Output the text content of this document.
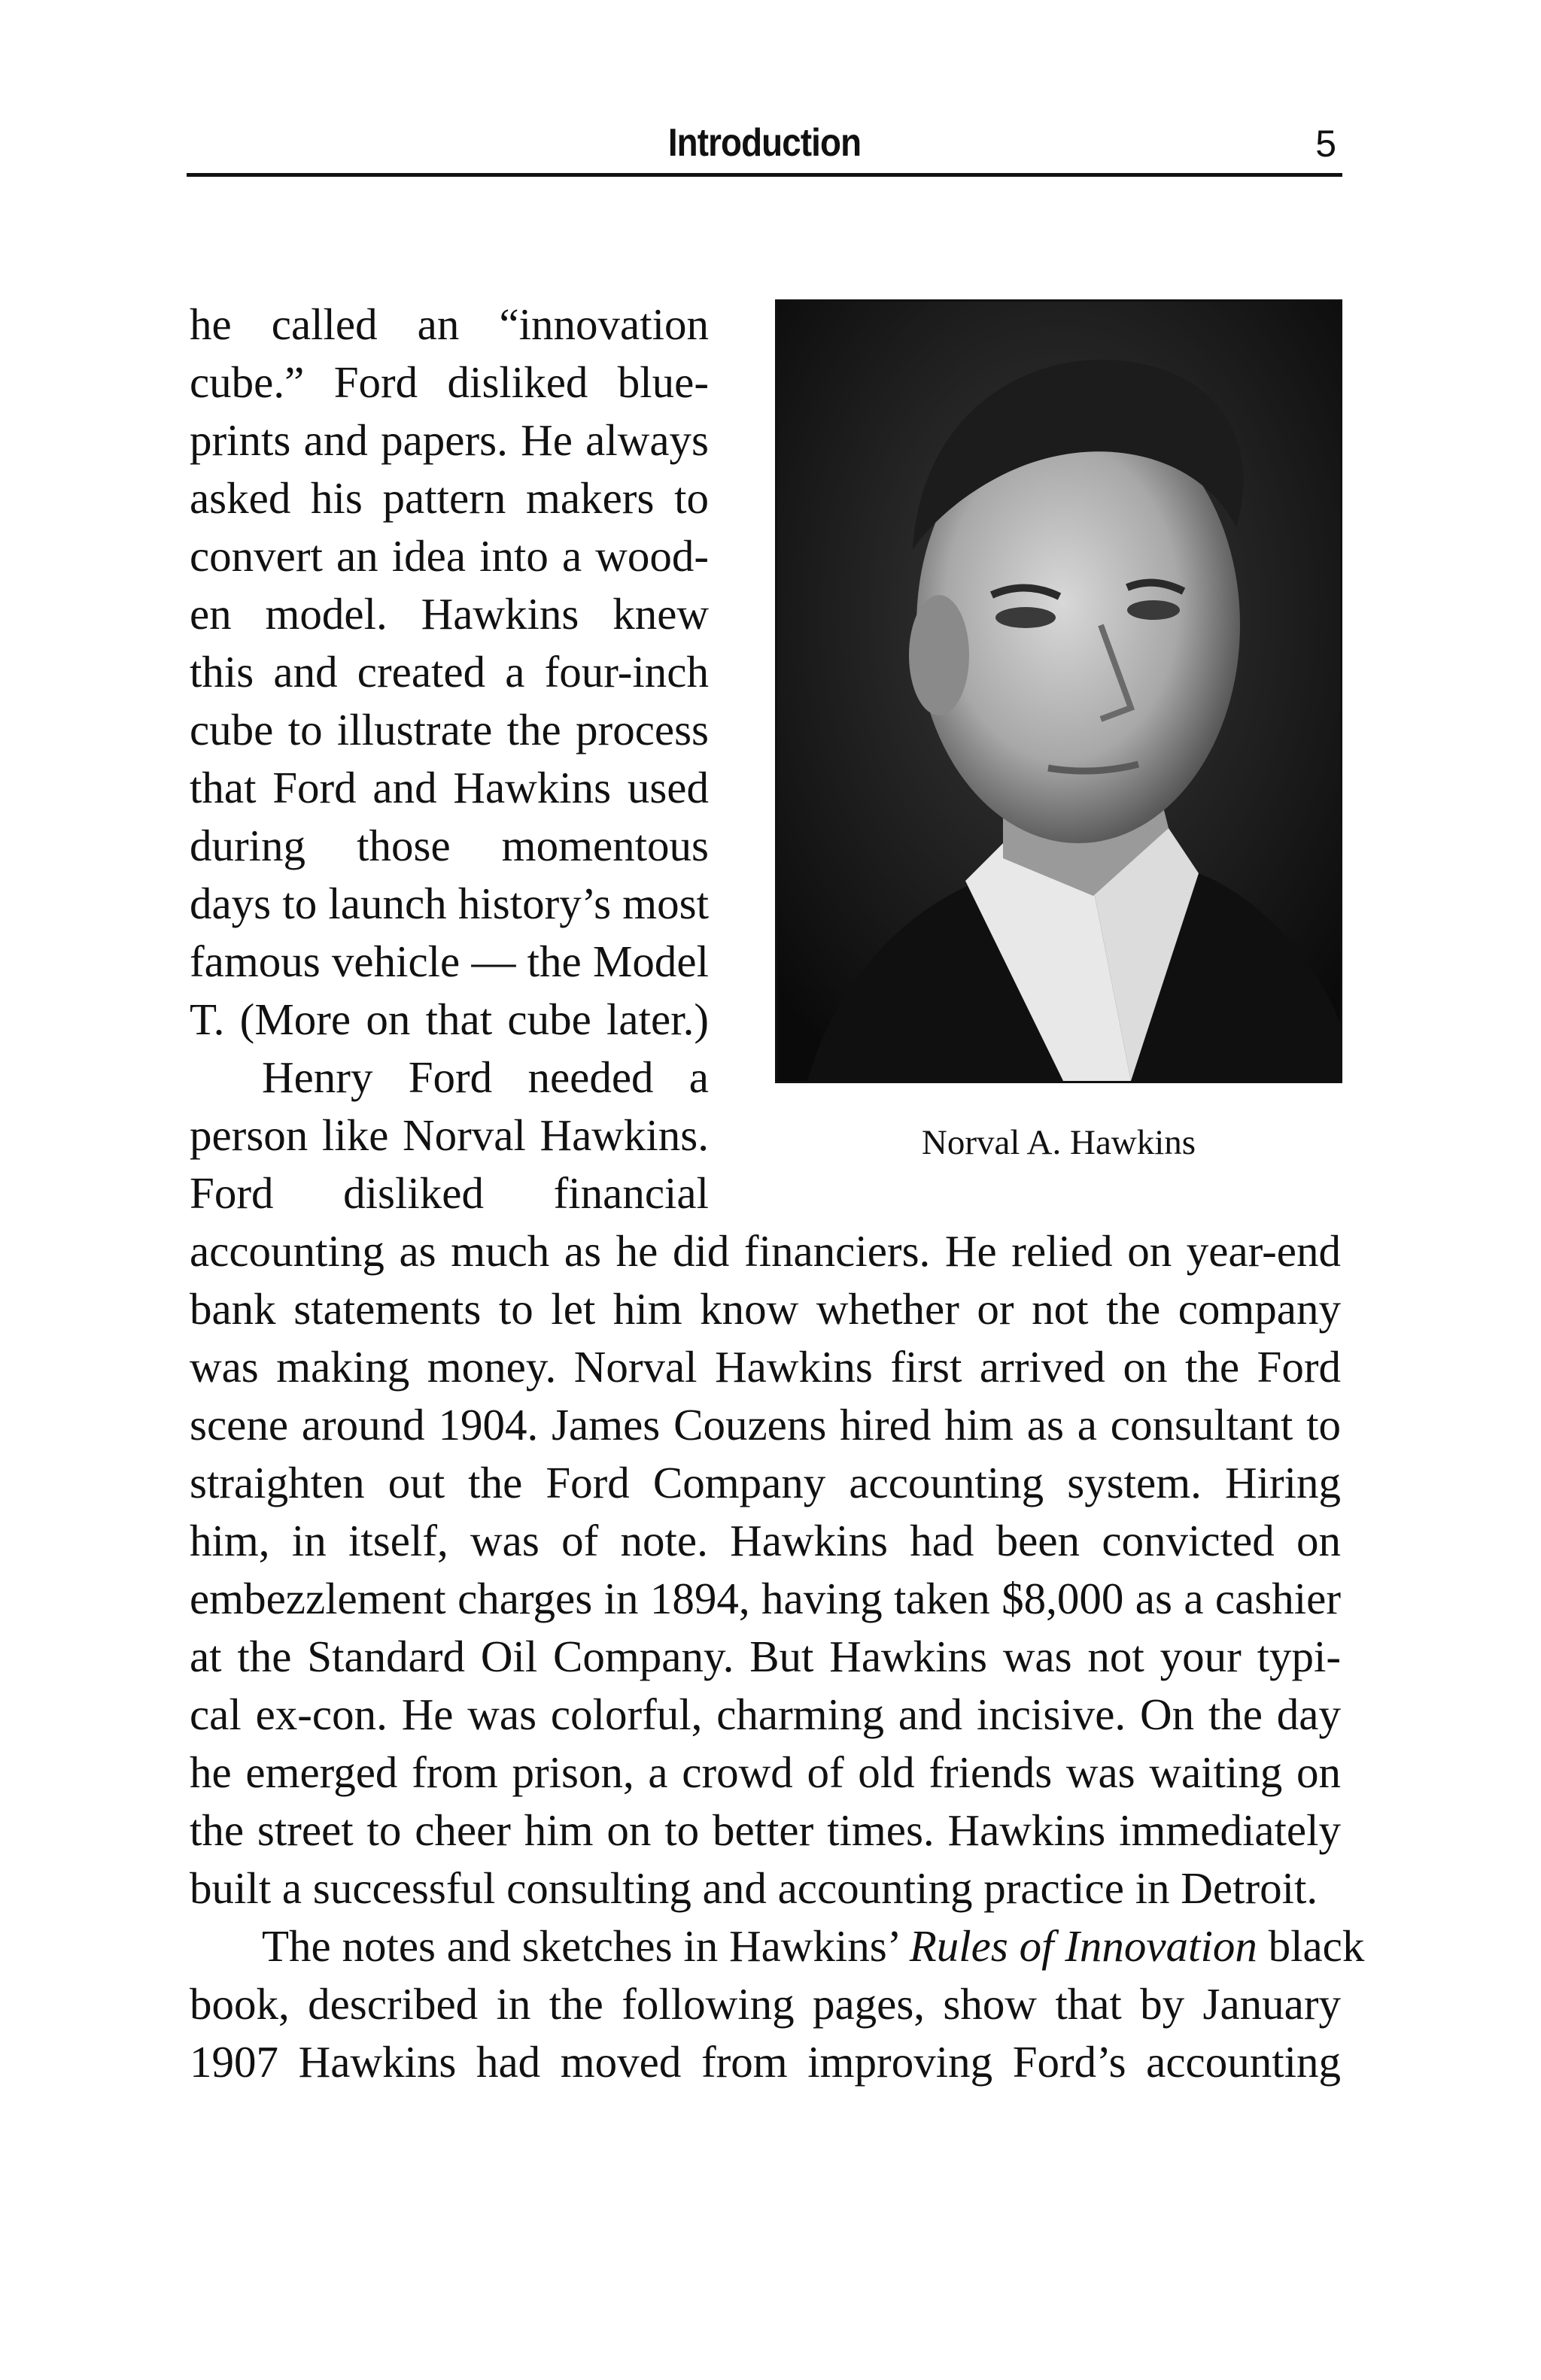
Introduction	5
he called an “innovation
cube.” Ford disliked blue-
prints and papers. He always
asked his pattern makers to
convert an idea into a wood-
en model. Hawkins knew
this and created a four-inch
cube to illustrate the process
that Ford and Hawkins used
during those momentous
days to launch history’s most
famous vehicle — the Model
T. (More on that cube later.)
Henry Ford needed a
person like Norval Hawkins.
Ford disliked financial
Norval A. Hawkins
accounting as much as he did financiers. He relied on year-end
bank statements to let him know whether or not the company
was making money. Norval Hawkins first arrived on the Ford
scene around 1904. James Couzens hired him as a consultant to
straighten out the Ford Company accounting system. Hiring
him, in itself, was of note. Hawkins had been convicted on
embezzlement charges in 1894, having taken $8,000 as a cashier
at the Standard Oil Company. But Hawkins was not your typi-
cal ex-con. He was colorful, charming and incisive. On the day
he emerged from prison, a crowd of old friends was waiting on
the street to cheer him on to better times. Hawkins immediately
built a successful consulting and accounting practice in Detroit.
The notes and sketches in Hawkins’ Rules of Innovation black
book, described in the following pages, show that by January
1907 Hawkins had moved from improving Ford’s accounting
